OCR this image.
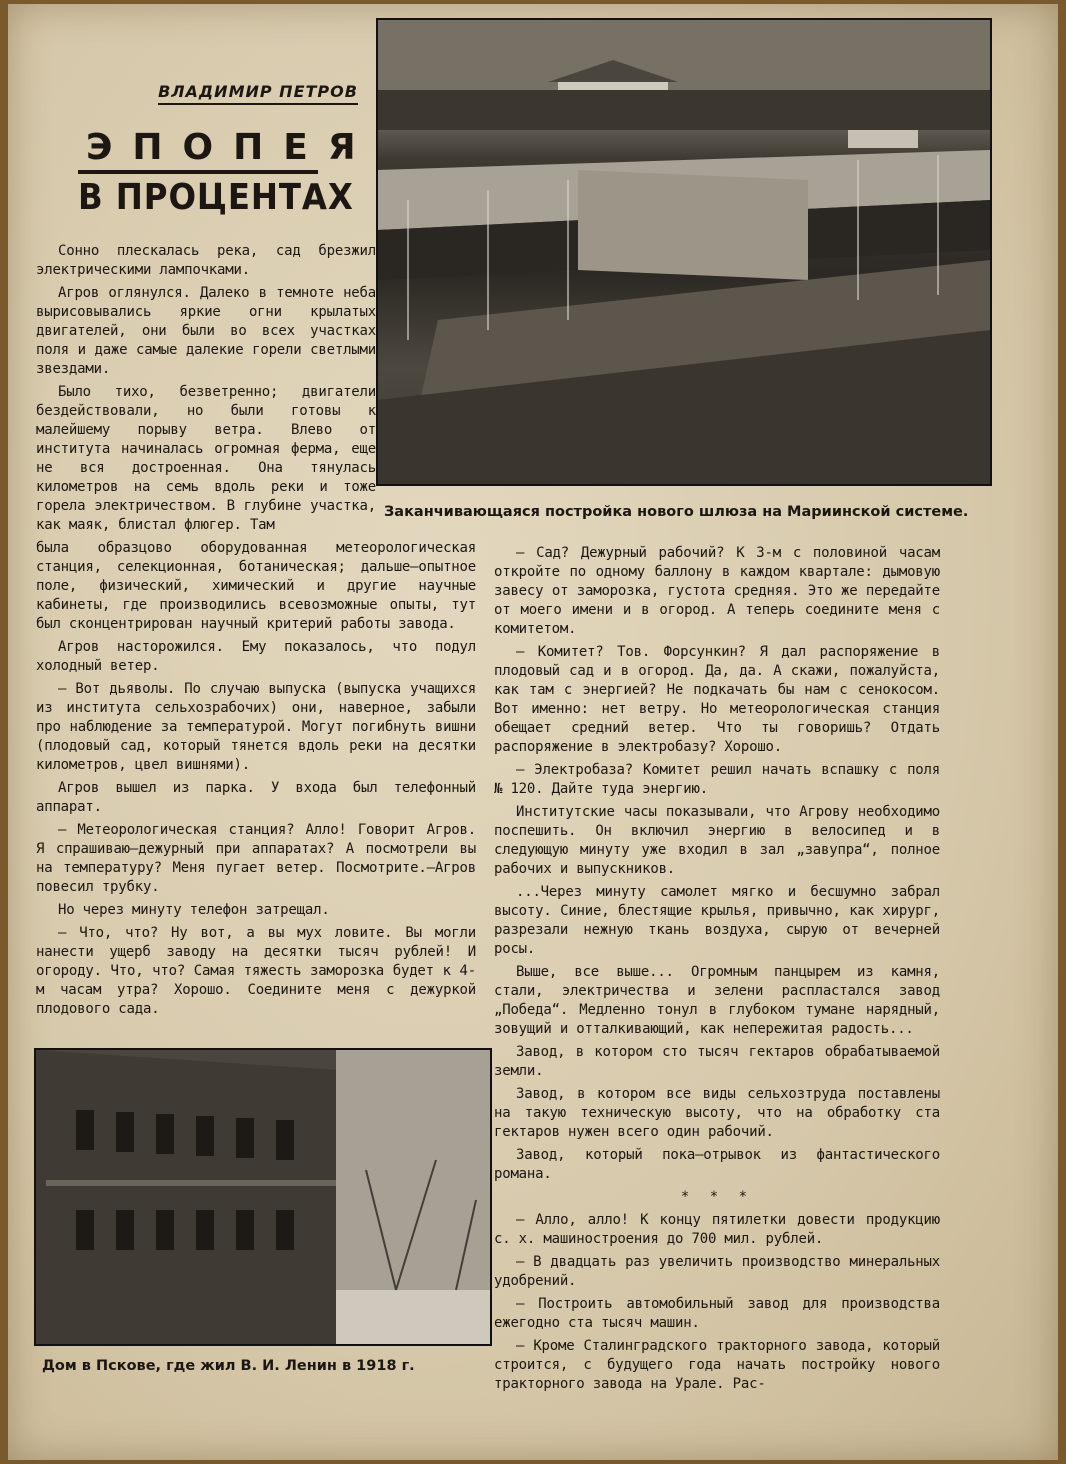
ВЛАДИМИР ПЕТРОВ
ЭПОПЕЯ
В ПРОЦЕНТАХ
Заканчивающаяся постройка нового шлюза на Мариинской системе.

Сонно плескалась река, сад брезжил электрическими лампочками.

Агров оглянулся. Далеко в темноте неба вырисовывались яркие огни крылатых двигателей, они были во всех участках поля и даже самые далекие горели светлыми звездами.

Было тихо, безветренно; двигатели бездействовали, но были готовы к малейшему порыву ветра. Влево от института начиналась огромная ферма, еще не вся достроенная. Она тянулась километров на семь вдоль реки и тоже горела электричеством. В глубине участка, как маяк, блистал флюгер. Там

была образцово оборудованная метеорологическая станция, селекционная, ботаническая; дальше—опытное поле, физический, химический и другие научные кабинеты, где производились всевозможные опыты, тут был сконцентрирован научный критерий работы завода.

Агров насторожился. Ему показалось, что подул холодный ветер.

— Вот дьяволы. По случаю выпуска (выпуска учащихся из института сельхозрабочих) они, наверное, забыли про наблюдение за температурой. Могут погибнуть вишни (плодовый сад, который тянется вдоль реки на десятки километров, цвел вишнями).

Агров вышел из парка. У входа был телефонный аппарат.

— Метеорологическая станция? Алло! Говорит Агров. Я спрашиваю—дежурный при аппаратах? А посмотрели вы на температуру? Меня пугает ветер. Посмотрите.—Агров повесил трубку.

Но через минуту телефон затрещал.

— Что, что? Ну вот, а вы мух ловите. Вы могли нанести ущерб заводу на десятки тысяч рублей! И огороду. Что, что? Самая тяжесть заморозка будет к 4-м часам утра? Хорошо. Соедините меня с дежуркой плодового сада.

— Сад? Дежурный рабочий? К 3-м с половиной часам откройте по одному баллону в каждом квартале: дымовую завесу от заморозка, густота средняя. Это же передайте от моего имени и в огород. А теперь соедините меня с комитетом.

— Комитет? Тов. Форсункин? Я дал распоряжение в плодовый сад и в огород. Да, да. А скажи, пожалуйста, как там с энергией? Не подкачать бы нам с сенокосом. Вот именно: нет ветру. Но метеорологическая станция обещает средний ветер. Что ты говоришь? Отдать распоряжение в электробазу? Хорошо.

— Электробаза? Комитет решил начать вспашку с поля № 120. Дайте туда энергию.

Институтские часы показывали, что Агрову необходимо поспешить. Он включил энергию в велосипед и в следующую минуту уже входил в зал „завупра“, полное рабочих и выпускников.

...Через минуту самолет мягко и бесшумно забрал высоту. Синие, блестящие крылья, привычно, как хирург, разрезали нежную ткань воздуха, сырую от вечерней росы.

Выше, все выше... Огромным панцырем из камня, стали, электричества и зелени распластался завод „Победа“. Медленно тонул в глубоком тумане нарядный, зовущий и отталкивающий, как непережитая радость...

Завод, в котором сто тысяч гектаров обрабатываемой земли.

Завод, в котором все виды сельхозтруда поставлены на такую техническую высоту, что на обработку ста гектаров нужен всего один рабочий.

Завод, который пока—отрывок из фантастического романа.

* * *

— Алло, алло! К концу пятилетки довести продукцию с. х. машиностроения до 700 мил. рублей.

— В двадцать раз увеличить производство минеральных удобрений.

— Построить автомобильный завод для производства ежегодно ста тысяч машин.

— Кроме Сталинградского тракторного завода, который строится, с будущего года начать постройку нового тракторного завода на Урале. Рас-

Дом в Пскове, где жил В. И. Ленин в 1918 г.
